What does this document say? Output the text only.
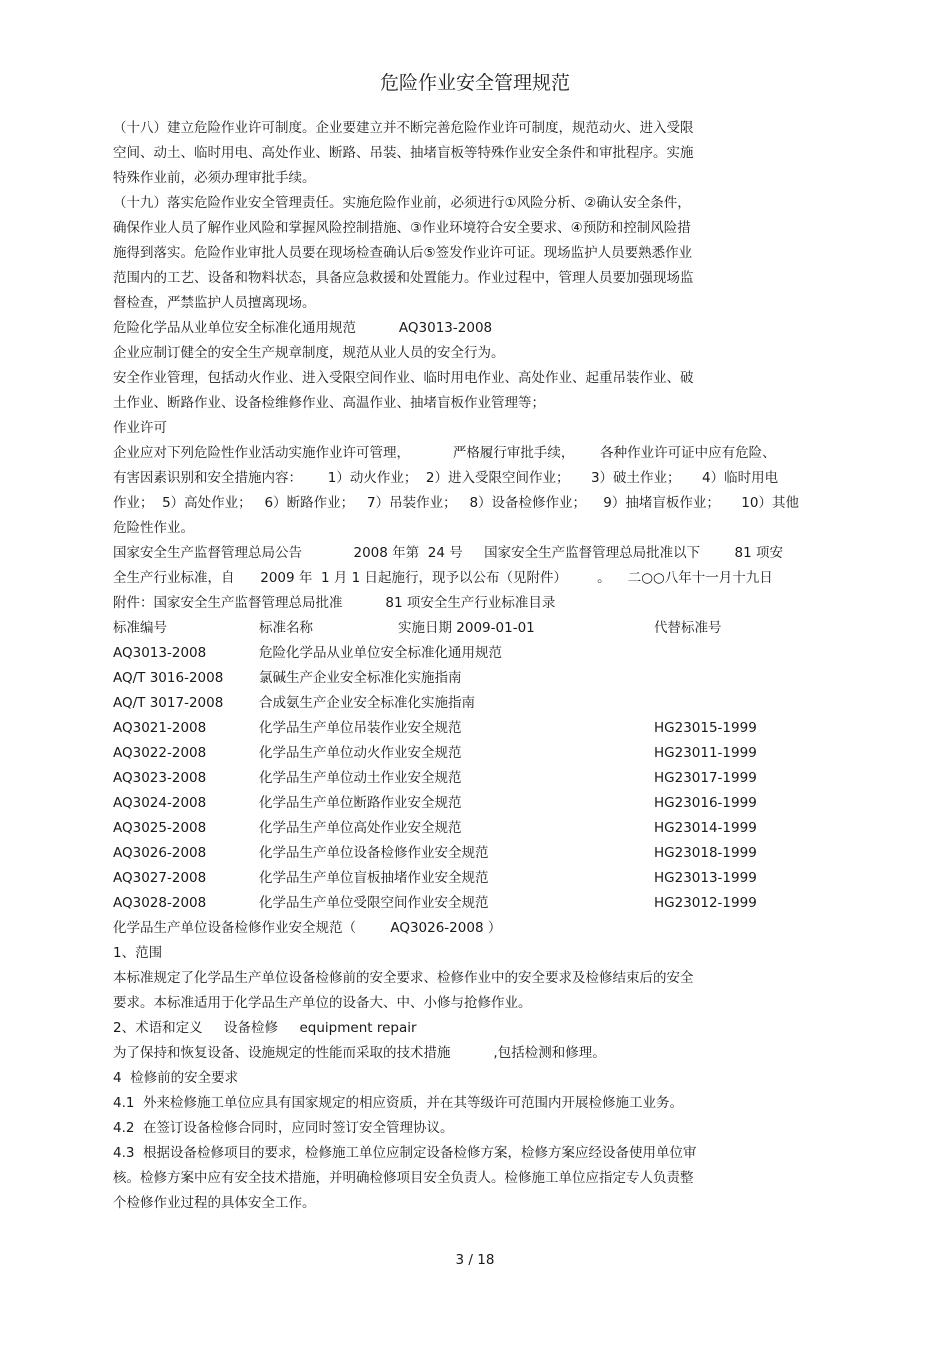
危险作业安全管理规范
（十八）建立危险作业许可制度。企业要建立并不断完善危险作业许可制度，规范动火、进入受限
空间、动土、临时用电、高处作业、断路、吊装、抽堵盲板等特殊作业安全条件和审批程序。实施
特殊作业前，必须办理审批手续。
（十九）落实危险作业安全管理责任。实施危险作业前，必须进行①风险分析、②确认安全条件，
确保作业人员了解作业风险和掌握风险控制措施、③作业环境符合安全要求、④预防和控制风险措
施得到落实。危险作业审批人员要在现场检查确认后⑤签发作业许可证。现场监护人员要熟悉作业
范围内的工艺、设备和物料状态，具备应急救援和处置能力。作业过程中，管理人员要加强现场监
督检查，严禁监护人员擅离现场。
危险化学品从业单位安全标准化通用规范          AQ3013-2008
企业应制订健全的安全生产规章制度，规范从业人员的安全行为。
安全作业管理，包括动火作业、进入受限空间作业、临时用电作业、高处作业、起重吊装作业、破
土作业、断路作业、设备检维修作业、高温作业、抽堵盲板作业管理等；
作业许可
企业应对下列危险性作业活动实施作业许可管理，          严格履行审批手续，      各种作业许可证中应有危险、
有害因素识别和安全措施内容：      1）动火作业；  2）进入受限空间作业；     3）破土作业；     4）临时用电
作业；  5）高处作业；   6）断路作业；   7）吊装作业；   8）设备检修作业；    9）抽堵盲板作业；     10）其他
危险性作业。
国家安全生产监督管理总局公告            2008 年第  24 号     国家安全生产监督管理总局批准以下        81 项安
全生产行业标准，自      2009 年  1 月 1 日起施行，现予以公布（见附件）       。    二○○八年十一月十九日
附件：国家安全生产监督管理总局批准          81 项安全生产行业标准目录
标准编号	标准名称	实施日期 2009-01-01	代替标准号
AQ3013-2008	危险化学品从业单位安全标准化通用规范
AQ/T 3016-2008	氯碱生产企业安全标准化实施指南
AQ/T 3017-2008	合成氨生产企业安全标准化实施指南
AQ3021-2008	化学品生产单位吊装作业安全规范	HG23015-1999
AQ3022-2008	化学品生产单位动火作业安全规范	HG23011-1999
AQ3023-2008	化学品生产单位动土作业安全规范	HG23017-1999
AQ3024-2008	化学品生产单位断路作业安全规范	HG23016-1999
AQ3025-2008	化学品生产单位高处作业安全规范	HG23014-1999
AQ3026-2008	化学品生产单位设备检修作业安全规范	HG23018-1999
AQ3027-2008	化学品生产单位盲板抽堵作业安全规范	HG23013-1999
AQ3028-2008	化学品生产单位受限空间作业安全规范	HG23012-1999
化学品生产单位设备检修作业安全规范（        AQ3026-2008 ）
1、范围
本标准规定了化学品生产单位设备检修前的安全要求、检修作业中的安全要求及检修结束后的安全
要求。本标准适用于化学品生产单位的设备大、中、小修与抢修作业。
2、术语和定义     设备检修     equipment repair
为了保持和恢复设备、设施规定的性能而采取的技术措施          ,包括检测和修理。
4  检修前的安全要求
4.1  外来检修施工单位应具有国家规定的相应资质，并在其等级许可范围内开展检修施工业务。
4.2  在签订设备检修合同时，应同时签订安全管理协议。
4.3  根据设备检修项目的要求，检修施工单位应制定设备检修方案，检修方案应经设备使用单位审
核。检修方案中应有安全技术措施，并明确检修项目安全负责人。检修施工单位应指定专人负责整
个检修作业过程的具体安全工作。
3 / 18
